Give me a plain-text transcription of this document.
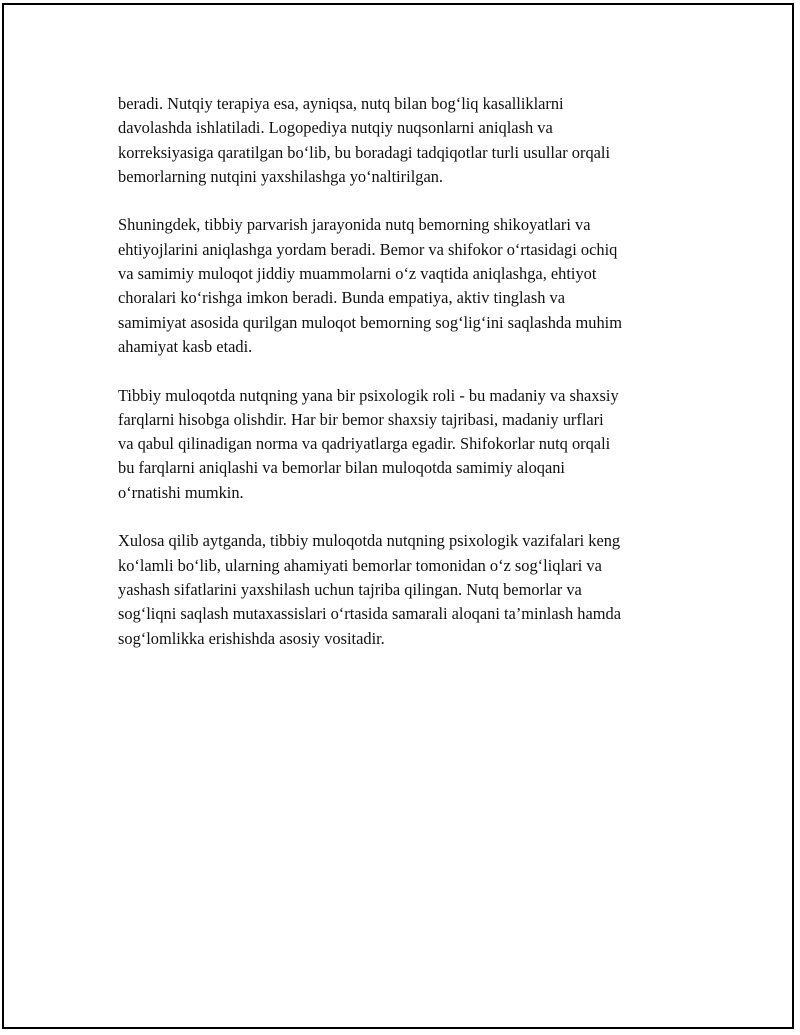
beradi. Nutqiy terapiya esa, ayniqsa, nutq bilan bog‘liq kasalliklarni
davolashda ishlatiladi. Logopediya nutqiy nuqsonlarni aniqlash va
korreksiyasiga qaratilgan bo‘lib, bu boradagi tadqiqotlar turli usullar orqali
bemorlarning nutqini yaxshilashga yo‘naltirilgan.

Shuningdek, tibbiy parvarish jarayonida nutq bemorning shikoyatlari va
ehtiyojlarini aniqlashga yordam beradi. Bemor va shifokor o‘rtasidagi ochiq
va samimiy muloqot jiddiy muammolarni o‘z vaqtida aniqlashga, ehtiyot
choralari ko‘rishga imkon beradi. Bunda empatiya, aktiv tinglash va
samimiyat asosida qurilgan muloqot bemorning sog‘lig‘ini saqlashda muhim
ahamiyat kasb etadi.

Tibbiy muloqotda nutqning yana bir psixologik roli - bu madaniy va shaxsiy
farqlarni hisobga olishdir. Har bir bemor shaxsiy tajribasi, madaniy urflari
va qabul qilinadigan norma va qadriyatlarga egadir. Shifokorlar nutq orqali
bu farqlarni aniqlashi va bemorlar bilan muloqotda samimiy aloqani
o‘rnatishi mumkin.

Xulosa qilib aytganda, tibbiy muloqotda nutqning psixologik vazifalari keng
ko‘lamli bo‘lib, ularning ahamiyati bemorlar tomonidan o‘z sog‘liqlari va
yashash sifatlarini yaxshilash uchun tajriba qilingan. Nutq bemorlar va
sog‘liqni saqlash mutaxassislari o‘rtasida samarali aloqani ta’minlash hamda
sog‘lomlikka erishishda asosiy vositadir.
